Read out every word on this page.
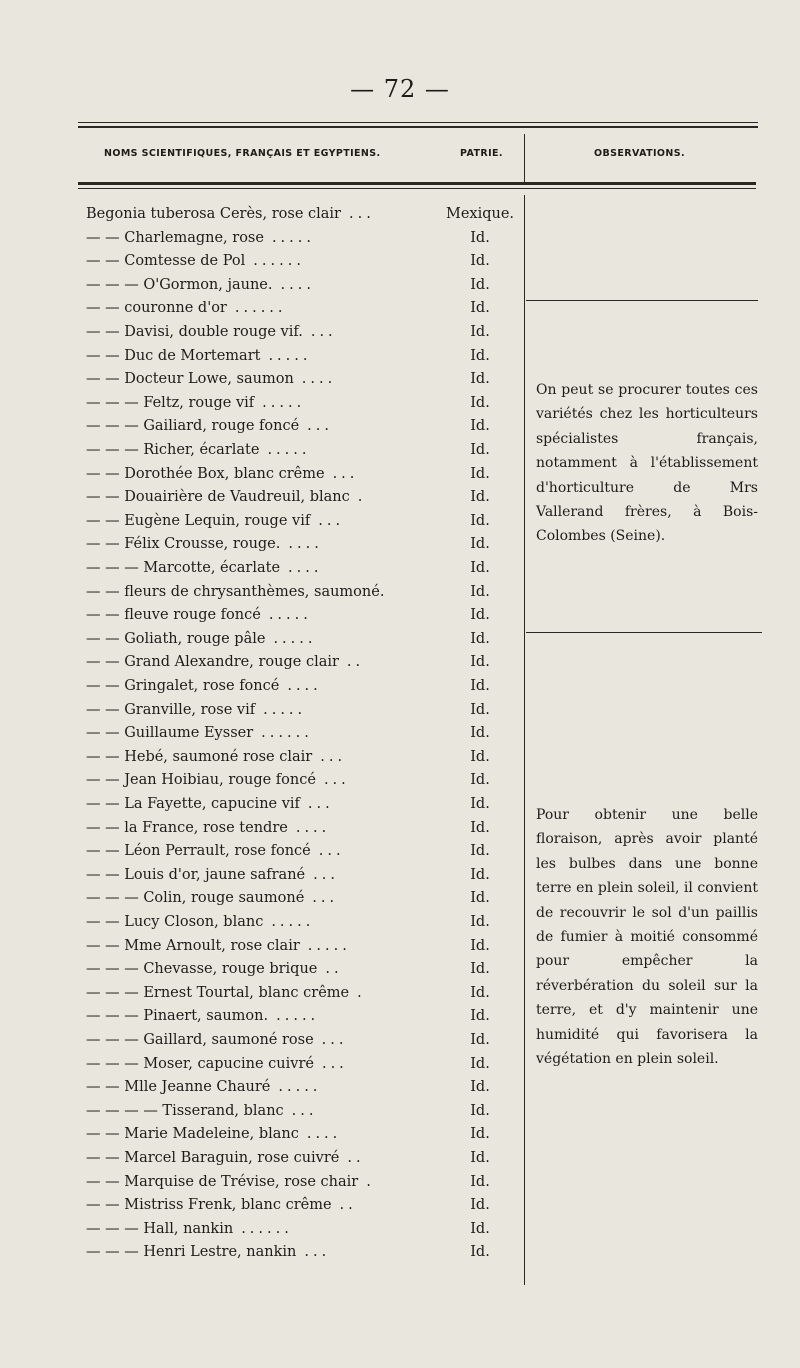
— 72 —
NOMS SCIENTIFIQUES, FRANÇAIS ET EGYPTIENS.	PATRIE.	OBSERVATIONS.
Begonia tuberosa Cerès, rose clair ...	Mexique.
— — Charlemagne, rose .....	Id.
— — Comtesse de Pol ......	Id.
— — — O'Gormon, jaune. ....	Id.
— — couronne d'or ......	Id.
— — Davisi, double rouge vif. ...	Id.
— — Duc de Mortemart .....	Id.
— — Docteur Lowe, saumon ....	Id.
— — — Feltz, rouge vif .....	Id.
— — — Gailiard, rouge foncé ...	Id.
— — — Richer, écarlate .....	Id.
— — Dorothée Box, blanc crême ...	Id.
— — Douairière de Vaudreuil, blanc .	Id.
— — Eugène Lequin, rouge vif ...	Id.
— — Félix Crousse, rouge. ....	Id.
— — — Marcotte, écarlate ....	Id.
— — fleurs de chrysanthèmes, saumoné.	Id.
— — fleuve rouge foncé .....	Id.
— — Goliath, rouge pâle .....	Id.
— — Grand Alexandre, rouge clair ..	Id.
— — Gringalet, rose foncé ....	Id.
— — Granville, rose vif .....	Id.
— — Guillaume Eysser ......	Id.
— — Hebé, saumoné rose clair ...	Id.
— — Jean Hoibiau, rouge foncé ...	Id.
— — La Fayette, capucine vif ...	Id.
— — la France, rose tendre ....	Id.
— — Léon Perrault, rose foncé ...	Id.
— — Louis d'or, jaune safrané ...	Id.
— — — Colin, rouge saumoné ...	Id.
— — Lucy Closon, blanc .....	Id.
— — Mme Arnoult, rose clair .....	Id.
— — — Chevasse, rouge brique ..	Id.
— — — Ernest Tourtal, blanc crême .	Id.
— — — Pinaert, saumon. .....	Id.
— — — Gaillard, saumoné rose ...	Id.
— — — Moser, capucine cuivré ...	Id.
— — Mlle Jeanne Chauré .....	Id.
— — — — Tisserand, blanc ...	Id.
— — Marie Madeleine, blanc ....	Id.
— — Marcel Baraguin, rose cuivré ..	Id.
— — Marquise de Trévise, rose chair .	Id.
— — Mistriss Frenk, blanc crême ..	Id.
— — — Hall, nankin ......	Id.
— — — Henri Lestre, nankin ...	Id.
On peut se procurer toutes ces variétés chez les horticulteurs spécialistes français, notamment à l'établissement d'horticulture de Mrs Vallerand frères, à Bois-Colombes (Seine).
Pour obtenir une belle floraison, après avoir planté les bulbes dans une bonne terre en plein soleil, il convient de recouvrir le sol d'un paillis de fumier à moitié consommé pour empêcher la réverbération du soleil sur la terre, et d'y maintenir une humidité qui favorisera la végétation en plein soleil.
